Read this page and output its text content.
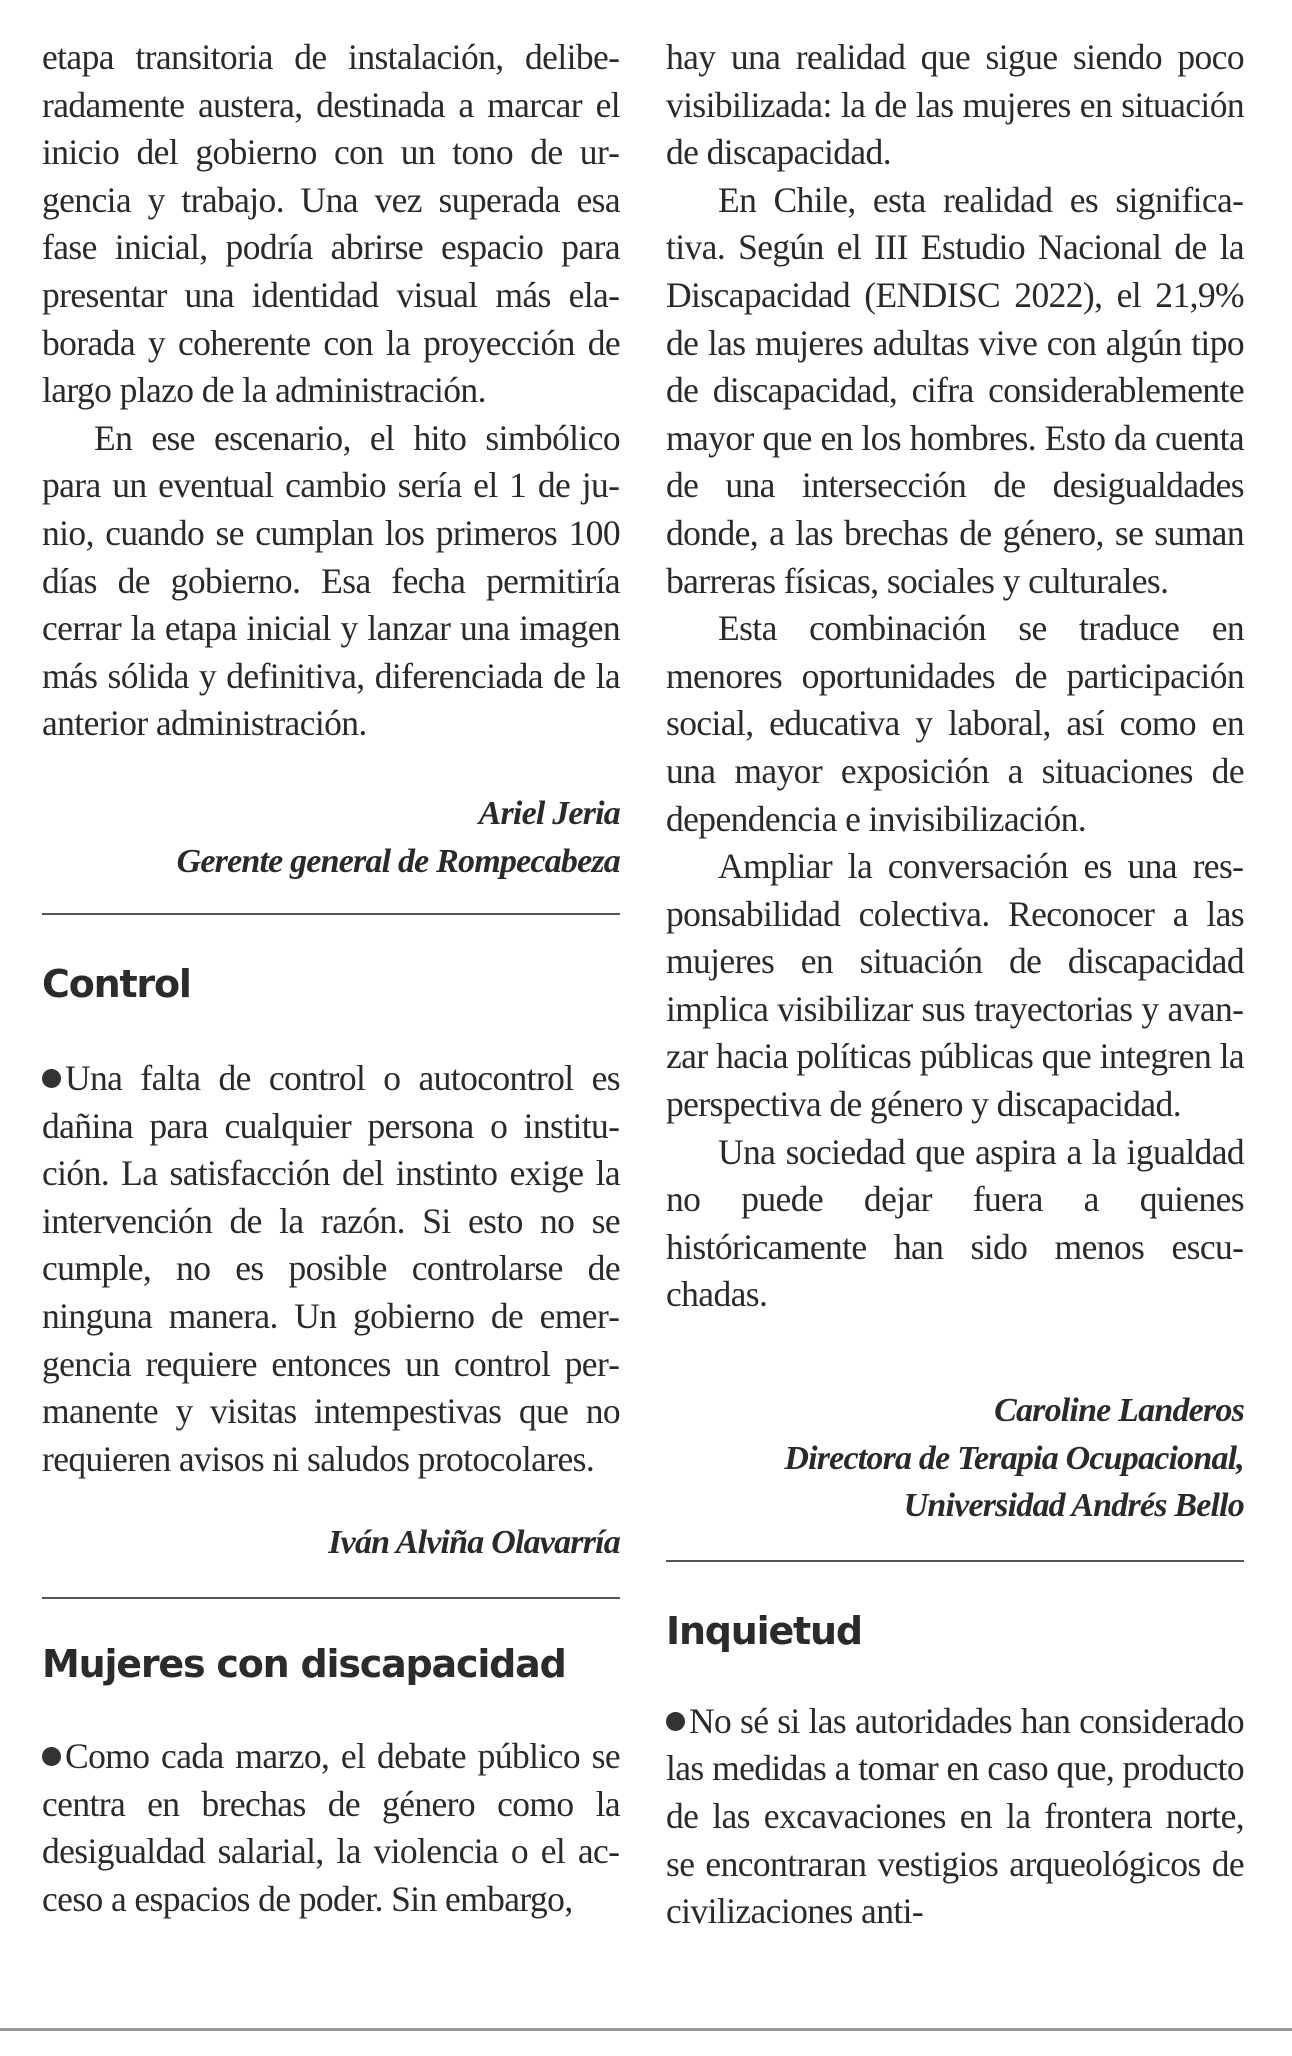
etapa transitoria de instalación, deliberadamente austera, destinada a marcar el inicio del gobierno con un tono de urgencia y trabajo. Una vez superada esa fase inicial, podría abrirse espacio para presentar una identidad visual más elaborada y coherente con la proyección de largo plazo de la administración.

En ese escenario, el hito simbólico para un eventual cambio sería el 1 de junio, cuando se cumplan los primeros 100 días de gobierno. Esa fecha permitiría cerrar la etapa inicial y lanzar una imagen más sólida y definitiva, diferenciada de la anterior administración.

Ariel Jeria
Gerente general de Rompecabeza
Control

Una falta de control o autocontrol es dañina para cualquier persona o institución. La satisfacción del instinto exige la intervención de la razón. Si esto no se cumple, no es posible controlarse de ninguna manera. Un gobierno de emergencia requiere entonces un control permanente y visitas intempestivas que no requieren avisos ni saludos protocolares.

Iván Alviña Olavarría
Mujeres con discapacidad

Como cada marzo, el debate público se centra en brechas de género como la desigualdad salarial, la violencia o el acceso a espacios de poder. Sin embargo,

hay una realidad que sigue siendo poco visibilizada: la de las mujeres en situación de discapacidad.

En Chile, esta realidad es significativa. Según el III Estudio Nacional de la Discapacidad (ENDISC 2022), el 21,9% de las mujeres adultas vive con algún tipo de discapacidad, cifra considerablemente mayor que en los hombres. Esto da cuenta de una intersección de desigualdades donde, a las brechas de género, se suman barreras físicas, sociales y culturales.

Esta combinación se traduce en menores oportunidades de participación social, educativa y laboral, así como en una mayor exposición a situaciones de dependencia e invisibilización.

Ampliar la conversación es una responsabilidad colectiva. Reconocer a las mujeres en situación de discapacidad implica visibilizar sus trayectorias y avanzar hacia políticas públicas que integren la perspectiva de género y discapacidad.

Una sociedad que aspira a la igualdad no puede dejar fuera a quienes históricamente han sido menos escuchadas.

Caroline Landeros
Directora de Terapia Ocupacional,
Universidad Andrés Bello
Inquietud

No sé si las autoridades han considerado las medidas a tomar en caso que, producto de las excavaciones en la frontera norte, se encontraran vestigios arqueológicos de civilizaciones anti-
